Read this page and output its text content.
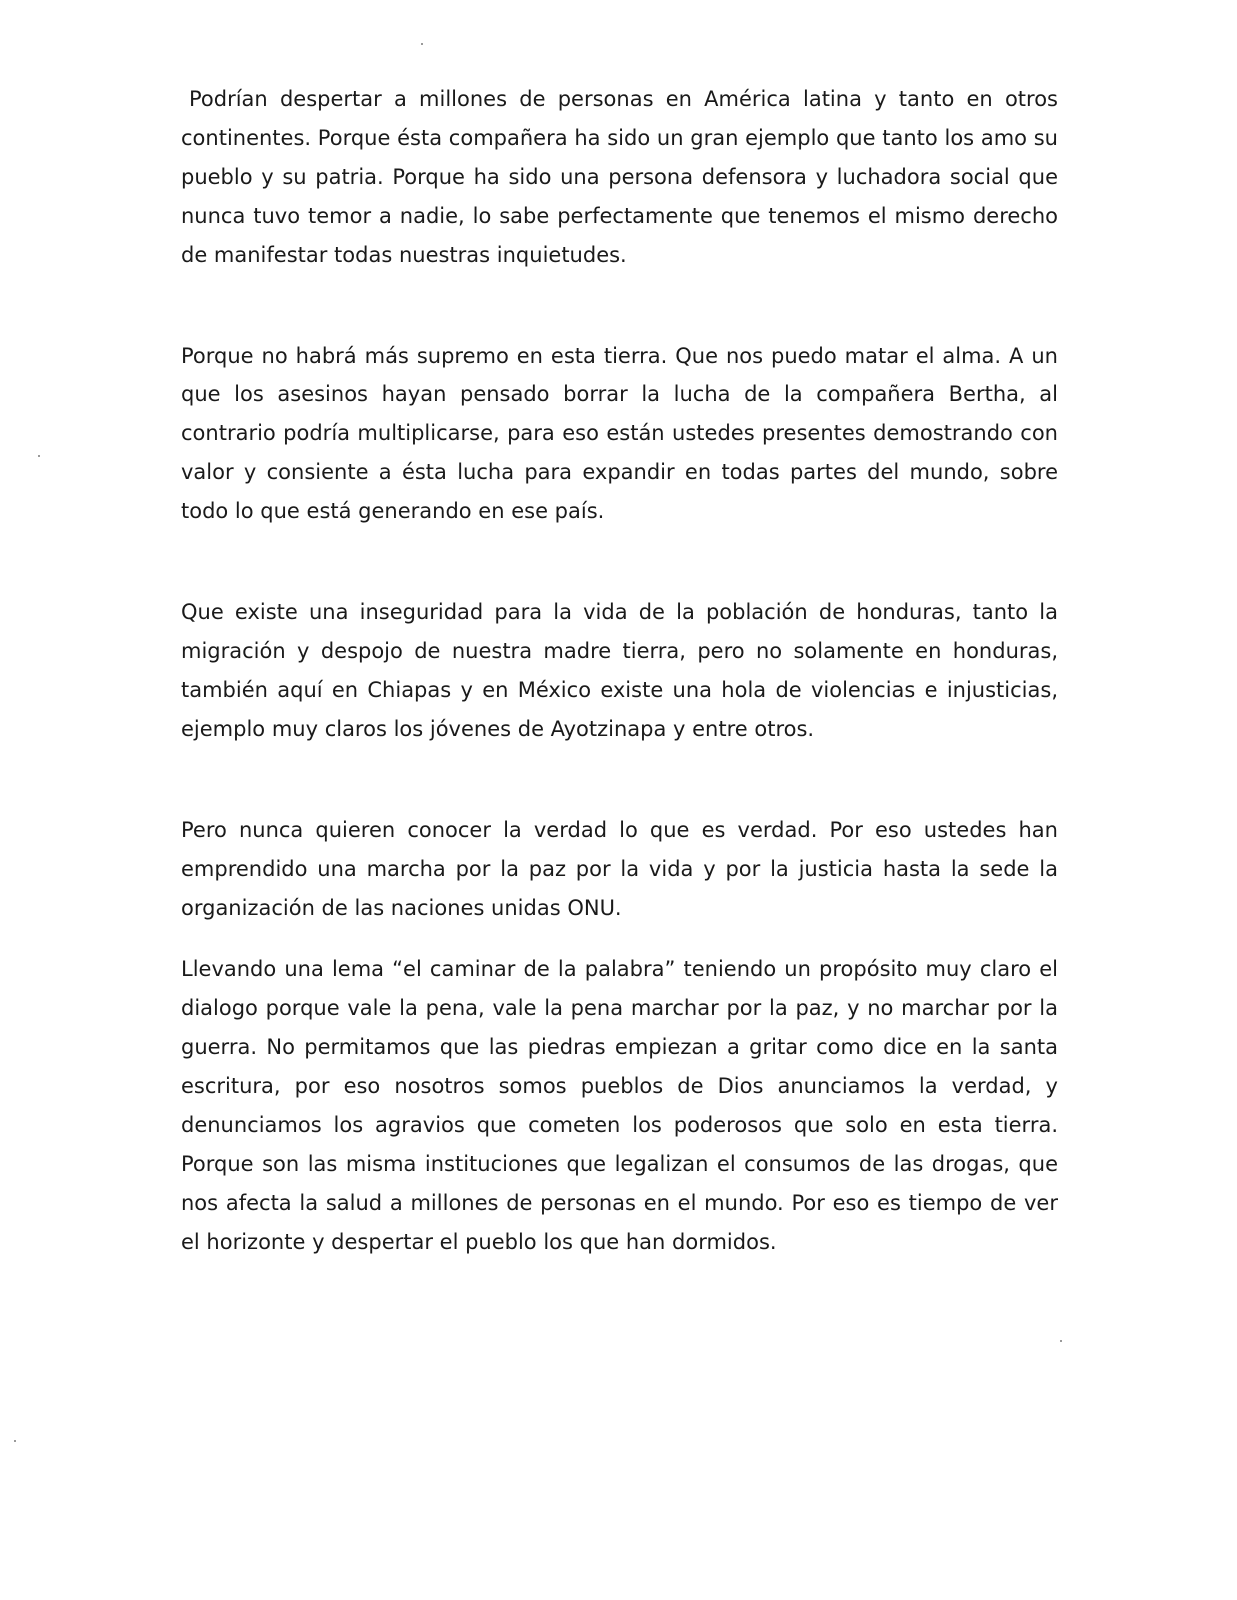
Podrían despertar a millones de personas en América latina y tanto en otros continentes. Porque ésta compañera ha sido un gran ejemplo que tanto los amo su pueblo y su patria. Porque ha sido una persona defensora y luchadora social que nunca tuvo temor a nadie, lo sabe perfectamente que tenemos el mismo derecho de manifestar todas nuestras inquietudes.

Porque no habrá más supremo en esta tierra. Que nos puedo matar el alma. A un que los asesinos hayan pensado borrar la lucha de la compañera Bertha, al contrario podría multiplicarse, para eso están ustedes presentes demostrando con valor y consiente a ésta lucha para expandir en todas partes del mundo, sobre todo lo que está generando en ese país.

Que existe una inseguridad para la vida de la población de honduras, tanto la migración y despojo de nuestra madre tierra, pero no solamente en honduras, también aquí en Chiapas y en México existe una hola de violencias e injusticias, ejemplo muy claros los jóvenes de Ayotzinapa y entre otros.

Pero nunca quieren conocer la verdad lo que es verdad. Por eso ustedes han emprendido una marcha por la paz por la vida y por la justicia hasta la sede la organización de las naciones unidas ONU.

Llevando una lema “el caminar de la palabra” teniendo un propósito muy claro el dialogo porque vale la pena, vale la pena marchar por la paz, y no marchar por la guerra. No permitamos que las piedras empiezan a gritar como dice en la santa escritura, por eso nosotros somos pueblos de Dios anunciamos la verdad, y denunciamos los agravios que cometen los poderosos que solo en esta tierra. Porque son las misma instituciones que legalizan el consumos de las drogas, que nos afecta la salud a millones de personas en el mundo. Por eso es tiempo de ver el horizonte y despertar el pueblo los que han dormidos.
